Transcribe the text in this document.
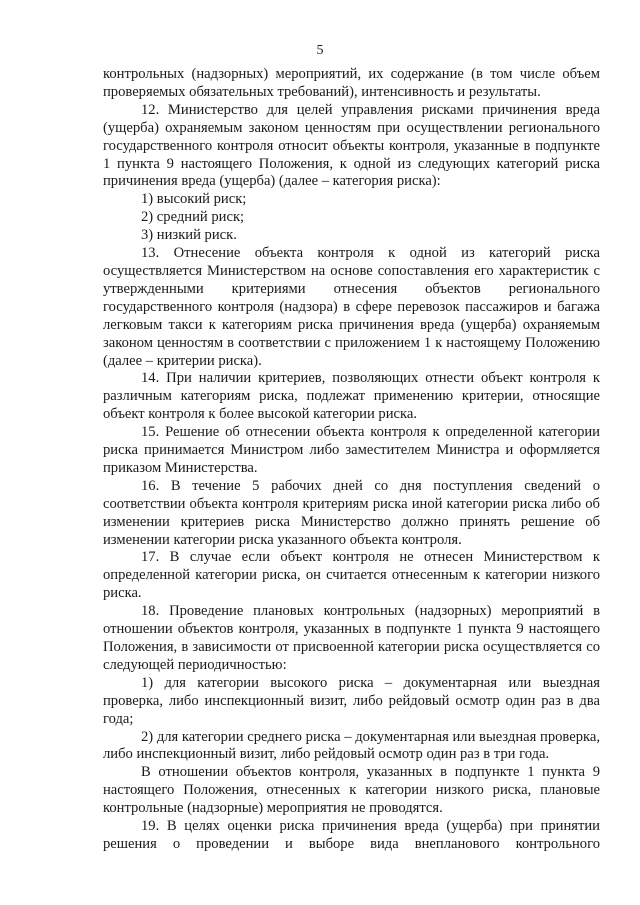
5

контрольных (надзорных) мероприятий, их содержание (в том числе объем проверяемых обязательных требований), интенсивность и результаты.

12. Министерство для целей управления рисками причинения вреда (ущерба) охраняемым законом ценностям при осуществлении регионального государственного контроля относит объекты контроля, указанные в подпункте 1 пункта 9 настоящего Положения, к одной из следующих категорий риска причинения вреда (ущерба) (далее – категория риска):

1) высокий риск;

2) средний риск;

3) низкий риск.

13. Отнесение объекта контроля к одной из категорий риска осуществляется Министерством на основе сопоставления его характеристик с утвержденными критериями отнесения объектов регионального государственного контроля (надзора) в сфере перевозок пассажиров и багажа легковым такси к категориям риска причинения вреда (ущерба) охраняемым законом ценностям в соответствии с приложением 1 к настоящему Положению (далее – критерии риска).

14. При наличии критериев, позволяющих отнести объект контроля к различным категориям риска, подлежат применению критерии, относящие объект контроля к более высокой категории риска.

15. Решение об отнесении объекта контроля к определенной категории риска принимается Министром либо заместителем Министра и оформляется приказом Министерства.

16. В течение 5 рабочих дней со дня поступления сведений о соответствии объекта контроля критериям риска иной категории риска либо об изменении критериев риска Министерство должно принять решение об изменении категории риска указанного объекта контроля.

17. В случае если объект контроля не отнесен Министерством к определенной категории риска, он считается отнесенным к категории низкого риска.

18. Проведение плановых контрольных (надзорных) мероприятий в отношении объектов контроля, указанных в подпункте 1 пункта 9 настоящего Положения, в зависимости от присвоенной категории риска осуществляется со следующей периодичностью:

1) для категории высокого риска – документарная или выездная проверка, либо инспекционный визит, либо рейдовый осмотр один раз в два года;

2) для категории среднего риска – документарная или выездная проверка, либо инспекционный визит, либо рейдовый осмотр один раз в три года.

В отношении объектов контроля, указанных в подпункте 1 пункта 9 настоящего Положения, отнесенных к категории низкого риска, плановые контрольные (надзорные) мероприятия не проводятся.

19. В целях оценки риска причинения вреда (ущерба) при принятии решения о проведении и выборе вида внепланового контрольного
